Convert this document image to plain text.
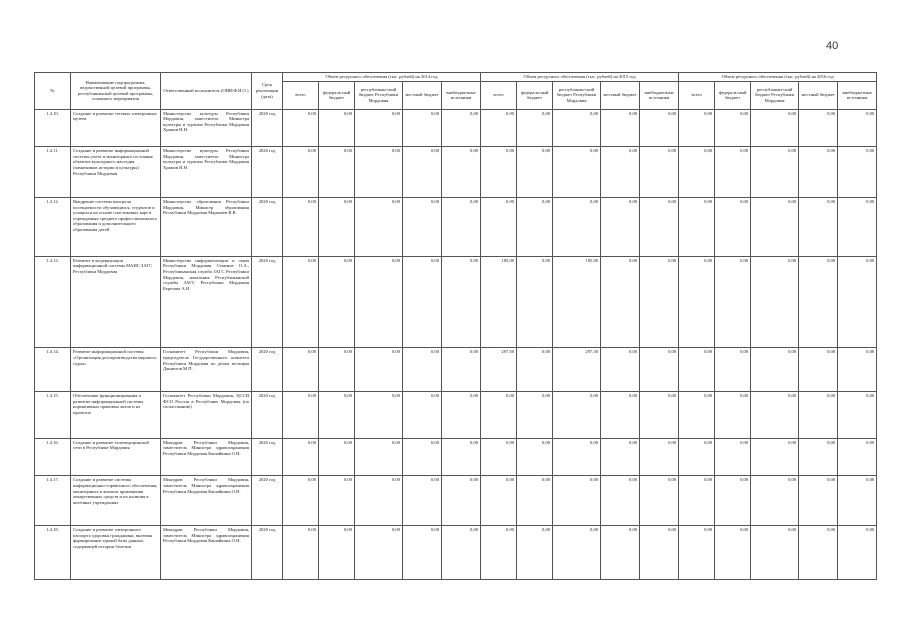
40
№	Наименование подпрограммы, ведомственной целевой программы, республиканской целевой программы, основного мероприятия	Ответственный исполнитель (ОИВ/Ф.И.О.)	Срок реализации (дата)	Объем ресурсного обеспечения (тыс. рублей) на 2014 год					Объем ресурсного обеспечения (тыс. рублей) на 2015 год					Объем ресурсного обеспечения (тыс. рублей) на 2016 год				
				всего	федераль-ный бюджет	республикан-ский бюджет Республики Мордовия	местный бюджет	внебюджетные источники	всего	федераль-ный бюджет	республикан-ский бюджет Республики Мордовия	местный бюджет	внебюджетные источники	всего	федераль-ный бюджет	республикан-ский бюджет Республики Мордовия	местный бюджет	внебюджетные источники
1.4.10.	Создание и развитие сетевых электронных музеев	Министерство культуры Республики Мордовия, заместитель Министра культуры и туризма Республики Мордовия Храмов И.Н.	2020 год	0,00	0,00	0,00	0,00	0,00	0,00	0,00	0,00	0,00	0,00	0,00	0,00	0,00	0,00	0,00
1.4.11.	Создание и развитие информационной системы учета и мониторинга состояния объектов культурного наследия (памятников истории и культуры) Республики Мордовия	Министерство культуры Республики Мордовия, заместитель Министра культуры и туризма Республики Мордовия Храмов И.Н.	2020 год	0,00	0,00	0,00	0,00	0,00	0,00	0,00	0,00	0,00	0,00	0,00	0,00	0,00	0,00	0,00
1.4.12.	Внедрение системы контроля посещаемости обучающихся, студентов и учащихся на основе пластиковых карт в учреждениях среднего профессионального образования и дополнительного образования детей	Министерство образования Республики Мордовия, Министр образования Республики Мордовия Маркачев В.В.	2020 год	0,00	0,00	0,00	0,00	0,00	0,00	0,00	0,00	0,00	0,00	0,00	0,00	0,00	0,00	0,00
1.4.13.	Развитие и модернизация информационной системы МАИС ЗАГС Республики Мордовия	Министерство информатизации и связи Республики Мордовия Семенов О.А., Республиканская служба ЗАГС Республики Мордовия, начальник Республиканской службы ЗАГС Республики Мордовия Березова А.Н.	2020 год	0,00	0,00	0,00	0,00	0,00	185,00	0,00	185,00	0,00	0,00	0,00	0,00	0,00	0,00	0,00
1.4.14.	Развитие информационной системы «Организация делопроизводства мирового судьи»	Госкомитет Республики Мордовия, председатель Государственного комитета Республики Мордовия по делам юстиции Даниелов М.П.	2020 год	0,00	0,00	0,00	0,00	0,00	297,50	0,00	297,50	0,00	0,00	0,00	0,00	0,00	0,00	0,00
1.4.15.	Обеспечение функционирования и развитие информационной системы нормативных правовых актов и их проектов	Госкомитет Республики Мордовия, ЦССИ ФСО России в Республике Мордовия (по согласованию)	2020 год	0,00	0,00	0,00	0,00	0,00	0,00	0,00	0,00	0,00	0,00	0,00	0,00	0,00	0,00	0,00
1.4.16.	Создание и развитие телемедицинской сети в Республике Мордовия	Минздрав Республики Мордовия, заместитель Министра здравоохранения Республики Мордовия Кашайкина О.Н.	2020 год	0,00	0,00	0,00	0,00	0,00	0,00	0,00	0,00	0,00	0,00	0,00	0,00	0,00	0,00	0,00
1.4.17.	Создание и развитие системы информационно-справочного обеспечения, мониторинга и анализа применения лекарственных средств и их наличия в аптечных учреждениях	Минздрав Республики Мордовия, заместитель Министра здравоохранения Республики Мордовия Кашайкина О.Н.	2020 год	0,00	0,00	0,00	0,00	0,00	0,00	0,00	0,00	0,00	0,00	0,00	0,00	0,00	0,00	0,00
1.4.18.	Создание и развитие электронного паспорта здоровья гражданина, включая формирование единой базы данных, содержащей истории болезни	Минздрав Республики Мордовия, заместитель Министра здравоохранения Республики Мордовия Кашайкина О.Н.	2020 год	0,00	0,00	0,00	0,00	0,00	0,00	0,00	0,00	0,00	0,00	0,00	0,00	0,00	0,00	0,00
